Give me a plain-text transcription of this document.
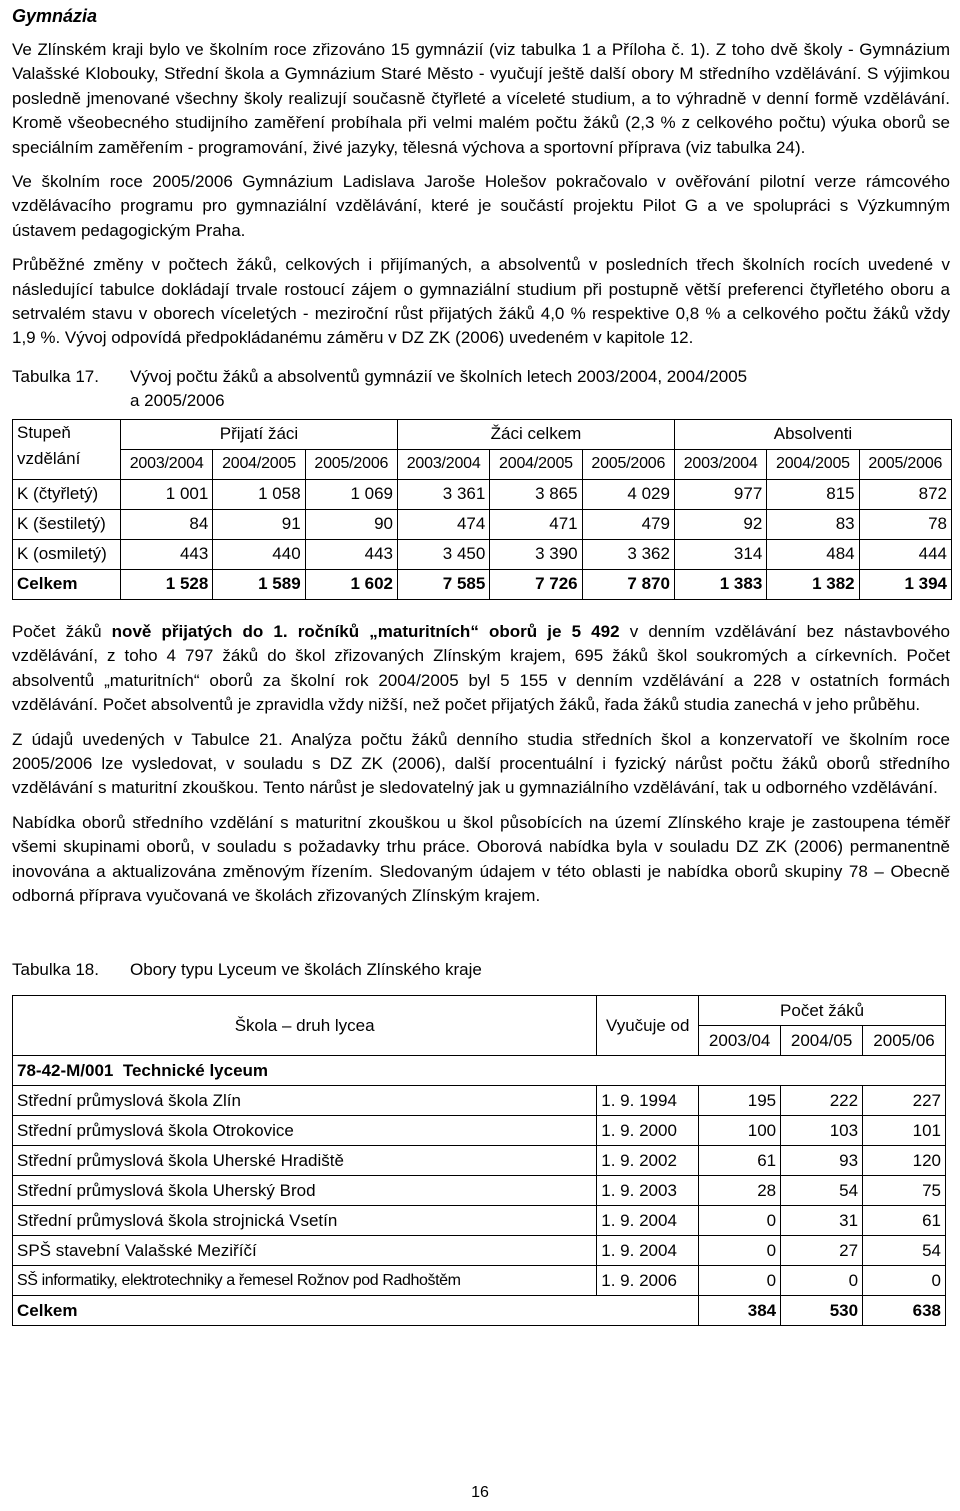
Gymnázia

Ve Zlínském kraji bylo ve školním roce zřizováno 15 gymnázií (viz tabulka 1 a Příloha č. 1). Z toho dvě školy - Gymnázium Valašské Klobouky, Střední škola a Gymnázium Staré Město - vyučují ještě další obory M středního vzdělávání. S výjimkou posledně jmenované všechny školy realizují současně čtyřleté a víceleté studium, a to výhradně v denní formě vzdělávání. Kromě všeobecného studijního zaměření probíhala při velmi malém počtu žáků (2,3 % z celkového počtu) výuka oborů se speciálním zaměřením - programování, živé jazyky, tělesná výchova a sportovní příprava (viz tabulka 24).

Ve školním roce 2005/2006 Gymnázium Ladislava Jaroše Holešov pokračovalo v ověřování pilotní verze rámcového vzdělávacího programu pro gymnaziální vzdělávání, které je součástí projektu Pilot G a ve spolupráci s Výzkumným ústavem pedagogickým Praha.

Průběžné změny v počtech žáků, celkových i přijímaných, a absolventů v posledních třech školních rocích uvedené v následující tabulce dokládají trvale rostoucí zájem o gymnaziální studium při postupně větší preferenci čtyřletého oboru a setrvalém stavu v oborech víceletých - meziroční růst přijatých žáků 4,0 % respektive 0,8 % a celkového počtu žáků vždy 1,9 %. Vývoj odpovídá předpokládanému záměru v DZ ZK (2006) uvedeném v kapitole 12.

Tabulka 17. Vývoj počtu žáků a absolventů gymnázií ve školních letech 2003/2004, 2004/2005
a 2005/2006
Stupeň
vzdělání	Přijatí žáci			Žáci celkem			Absolventi		
	2003/2004	2004/2005	2005/2006	2003/2004	2004/2005	2005/2006	2003/2004	2004/2005	2005/2006
K (čtyřletý)	1 001	1 058	1 069	3 361	3 865	4 029	977	815	872
K (šestiletý)	84	91	90	474	471	479	92	83	78
K (osmiletý)	443	440	443	3 450	3 390	3 362	314	484	444
Celkem	1 528	1 589	1 602	7 585	7 726	7 870	1 383	1 382	1 394

Počet žáků nově přijatých do 1. ročníků „maturitních“ oborů je 5 492 v denním vzdělávání bez nástavbového vzdělávání, z toho 4 797 žáků do škol zřizovaných Zlínským krajem, 695 žáků škol soukromých a církevních. Počet absolventů „maturitních“ oborů za školní rok 2004/2005 byl 5 155 v denním vzdělávání a 228 v ostatních formách vzdělávání. Počet absolventů je zpravidla vždy nižší, než počet přijatých žáků, řada žáků studia zanechá v jeho průběhu.

Z údajů uvedených v Tabulce 21. Analýza počtu žáků denního studia středních škol a konzervatoří ve školním roce 2005/2006 lze vysledovat, v souladu s DZ ZK (2006), další procentuální i fyzický nárůst počtu žáků oborů středního vzdělávání s maturitní zkouškou. Tento nárůst je sledovatelný jak u gymnaziálního vzdělávání, tak u odborného vzdělávání.

Nabídka oborů středního vzdělání s maturitní zkouškou u škol působících na území Zlínského kraje je zastoupena téměř všemi skupinami oborů, v souladu s požadavky trhu práce. Oborová nabídka byla v souladu DZ ZK (2006) permanentně inovována a aktualizována změnovým řízením. Sledovaným údajem v této oblasti je nabídka oborů skupiny 78 – Obecně odborná příprava vyučovaná ve školách zřizovaných Zlínským krajem.

Tabulka 18. Obory typu Lyceum ve školách Zlínského kraje
Škola – druh lycea	Vyučuje od	Počet žáků		
		2003/04	2004/05	2005/06
78-42-M/001  Technické lyceum				
Střední průmyslová škola Zlín	1. 9. 1994	195	222	227
Střední průmyslová škola Otrokovice	1. 9. 2000	100	103	101
Střední průmyslová škola Uherské Hradiště	1. 9. 2002	61	93	120
Střední průmyslová škola Uherský Brod	1. 9. 2003	28	54	75
Střední průmyslová škola strojnická Vsetín	1. 9. 2004	0	31	61
SPŠ stavební Valašské Meziříčí	1. 9. 2004	0	27	54
SŠ informatiky, elektrotechniky a řemesel Rožnov pod Radhoštěm	1. 9. 2006	0	0	0
Celkem		384	530	638
16
